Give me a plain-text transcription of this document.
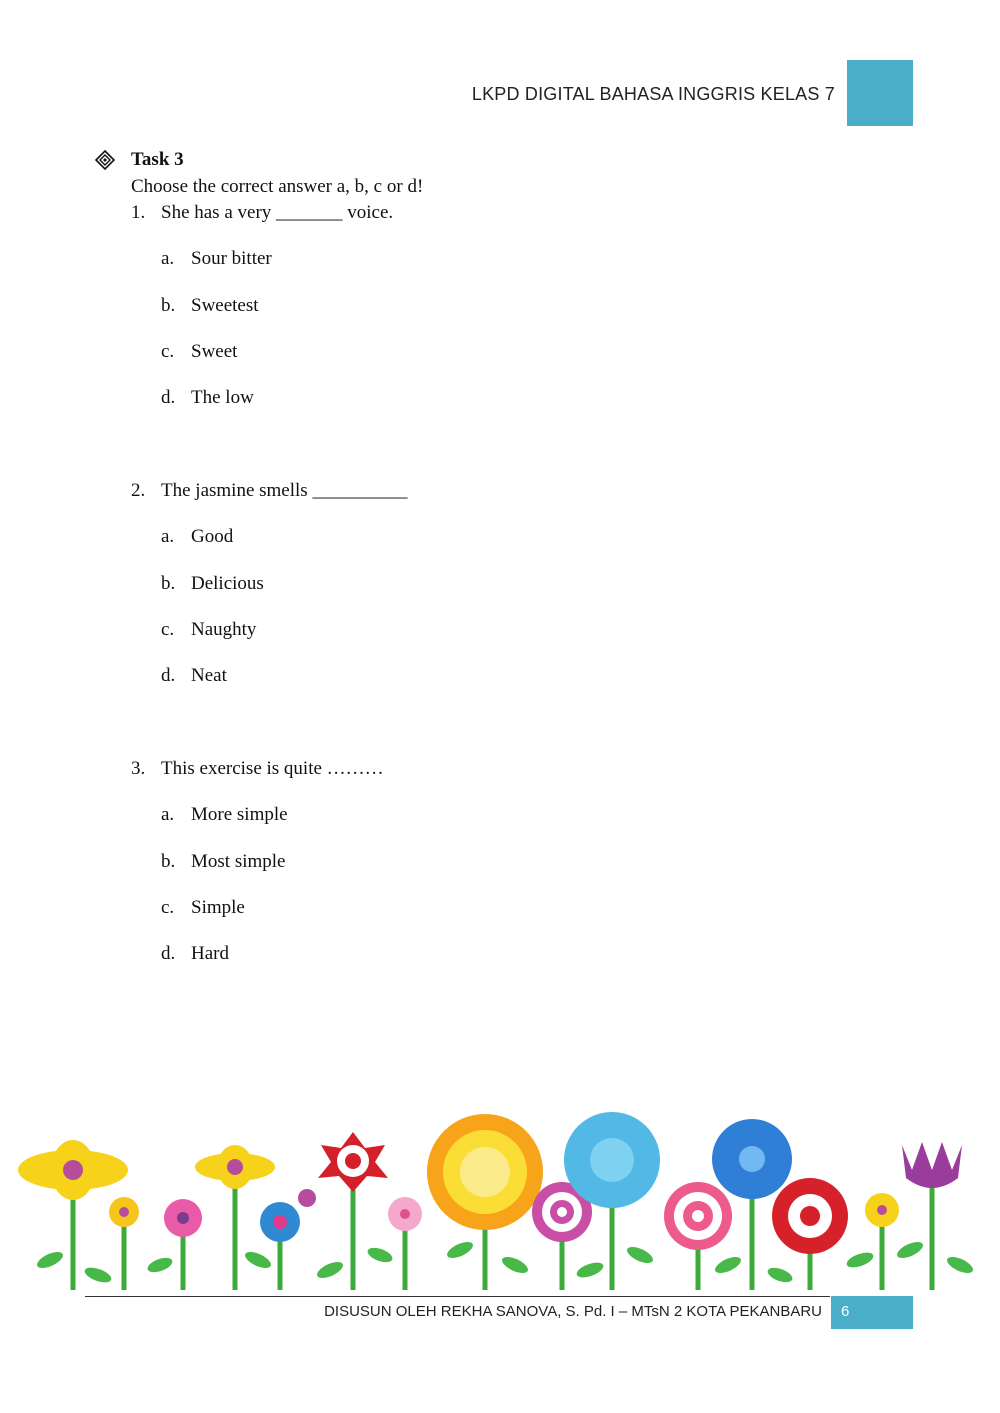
LKPD DIGITAL BAHASA INGGRIS KELAS 7
Task 3
Choose the correct answer a, b, c or d!
1. She has a very _______ voice.
a. Sour bitter
b. Sweetest
c. Sweet
d. The low
2. The jasmine smells __________
a. Good
b. Delicious
c. Naughty
d. Neat
3. This exercise is quite ………
a. More simple
b. Most simple
c. Simple
d. Hard
DISUSUN OLEH REKHA SANOVA, S. Pd. I – MTsN 2 KOTA PEKANBARU	6
